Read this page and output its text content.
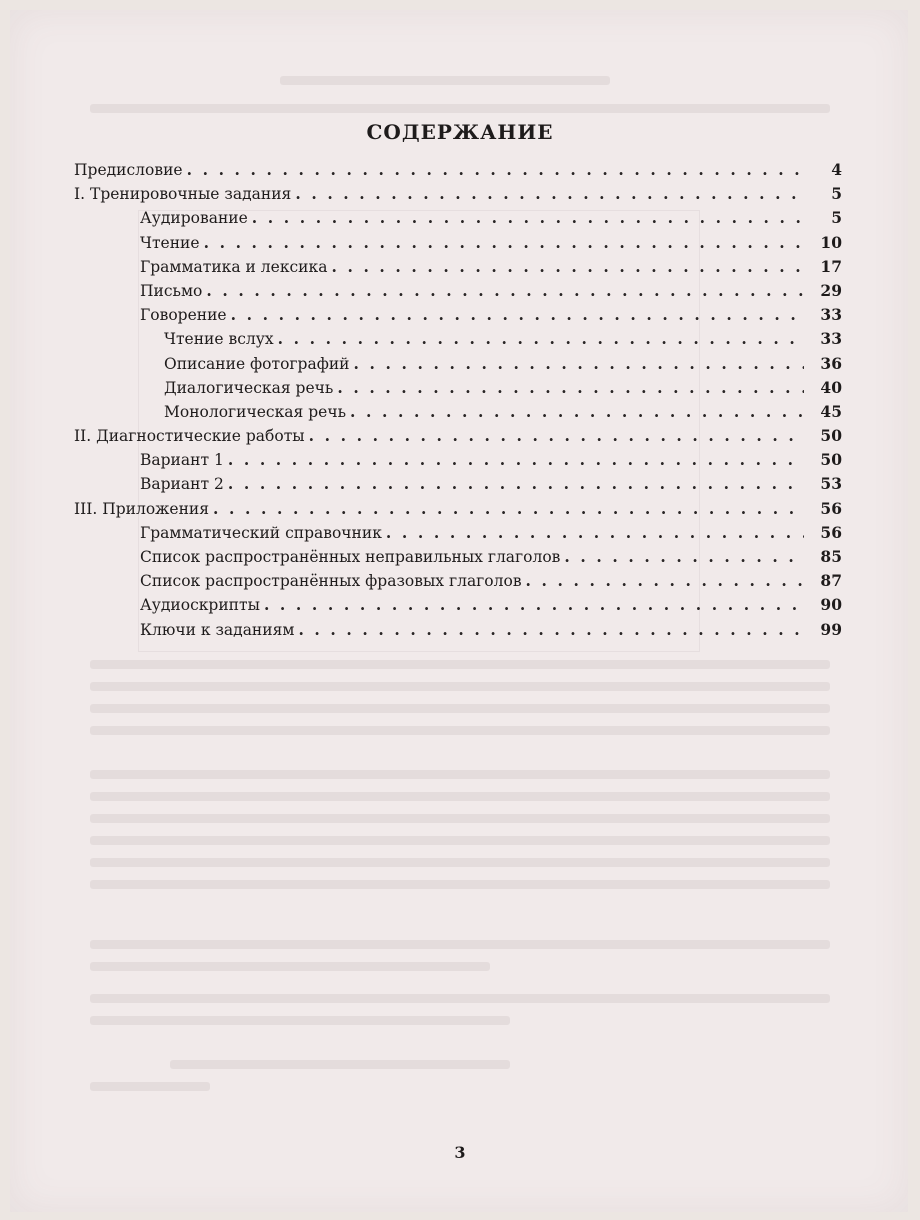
СОДЕРЖАНИЕ
Предисловие . . .	4
I. Тренировочные задания . . .	5
Аудирование . . .	5
Чтение . . .	10
Грамматика и лексика . . .	17
Письмо . . .	29
Говорение . . .	33
Чтение вслух . . .	33
Описание фотографий . . .	36
Диалогическая речь . . .	40
Монологическая речь . . .	45
II. Диагностические работы . . .	50
Вариант 1 . . .	50
Вариант 2 . . .	53
III. Приложения . . .	56
Грамматический справочник . . .	56
Список распространённых неправильных глаголов . . .	85
Список распространённых фразовых глаголов . . .	87
Аудиоскрипты . . .	90
Ключи к заданиям . . .	99
3
